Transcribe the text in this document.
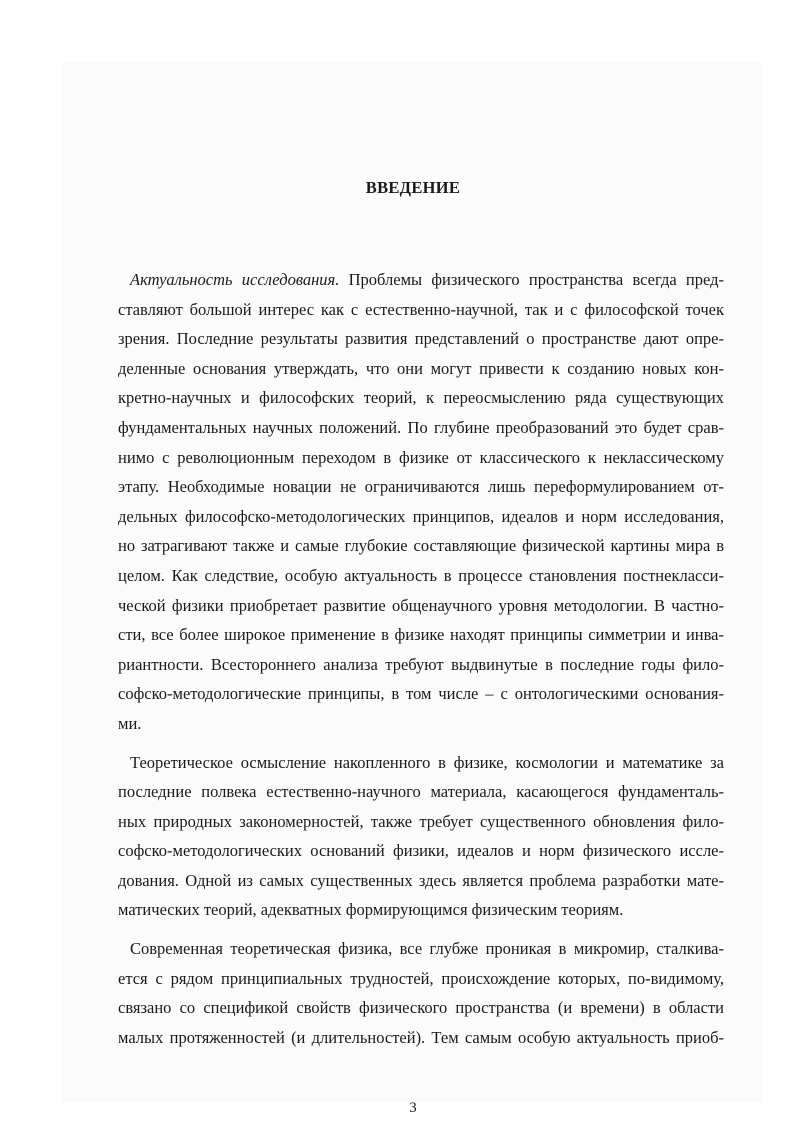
ВВЕДЕНИЕ
Актуальность исследования. Проблемы физического пространства всегда пред-
ставляют большой интерес как с естественно-научной, так и с философской точек
зрения. Последние результаты развития представлений о пространстве дают опре-
деленные основания утверждать, что они могут привести к созданию новых кон-
кретно-научных и философских теорий, к переосмыслению ряда существующих
фундаментальных научных положений. По глубине преобразований это будет срав-
нимо с революционным переходом в физике от классического к неклассическому
этапу. Необходимые новации не ограничиваются лишь переформулированием от-
дельных философско-методологических принципов, идеалов и норм исследования,
но затрагивают также и самые глубокие составляющие физической картины мира в
целом. Как следствие, особую актуальность в процессе становления постнекласси-
ческой физики приобретает развитие общенаучного уровня методологии. В частно-
сти, все более широкое применение в физике находят принципы симметрии и инва-
риантности. Всестороннего анализа требуют выдвинутые в последние годы фило-
софско-методологические принципы, в том числе – с онтологическими основания-
ми.
Теоретическое осмысление накопленного в физике, космологии и математике за
последние полвека естественно-научного материала, касающегося фундаменталь-
ных природных закономерностей, также требует существенного обновления фило-
софско-методологических оснований физики, идеалов и норм физического иссле-
дования. Одной из самых существенных здесь является проблема разработки мате-
матических теорий, адекватных формирующимся физическим теориям.
Современная теоретическая физика, все глубже проникая в микромир, сталкива-
ется с рядом принципиальных трудностей, происхождение которых, по-видимому,
связано со спецификой свойств физического пространства (и времени) в области
малых протяженностей (и длительностей). Тем самым особую актуальность приоб-
3
